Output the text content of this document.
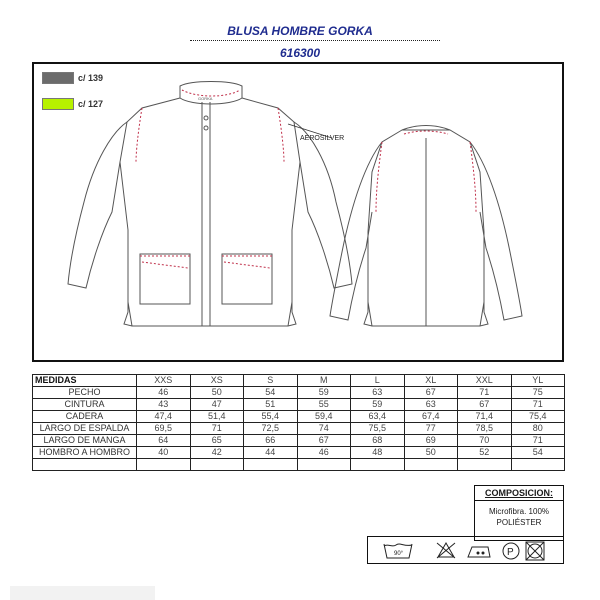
BLUSA HOMBRE GORKA
616300
c/ 139
c/ 127
AEROSILVER
GORKA
MEDIDAS	XXS	XS	S	M	L	XL	XXL	YL
PECHO	46	50	54	59	63	67	71	75
CINTURA	43	47	51	55	59	63	67	71
CADERA	47,4	51,4	55,4	59,4	63,4	67,4	71,4	75,4
LARGO DE ESPALDA	69,5	71	72,5	74	75,5	77	78,5	80
LARGO DE MANGA	64	65	66	67	68	69	70	71
HOMBRO A HOMBRO	40	42	44	46	48	50	52	54

COMPOSICION:
Microfibra. 100%
POLIÉSTER
90°	P
